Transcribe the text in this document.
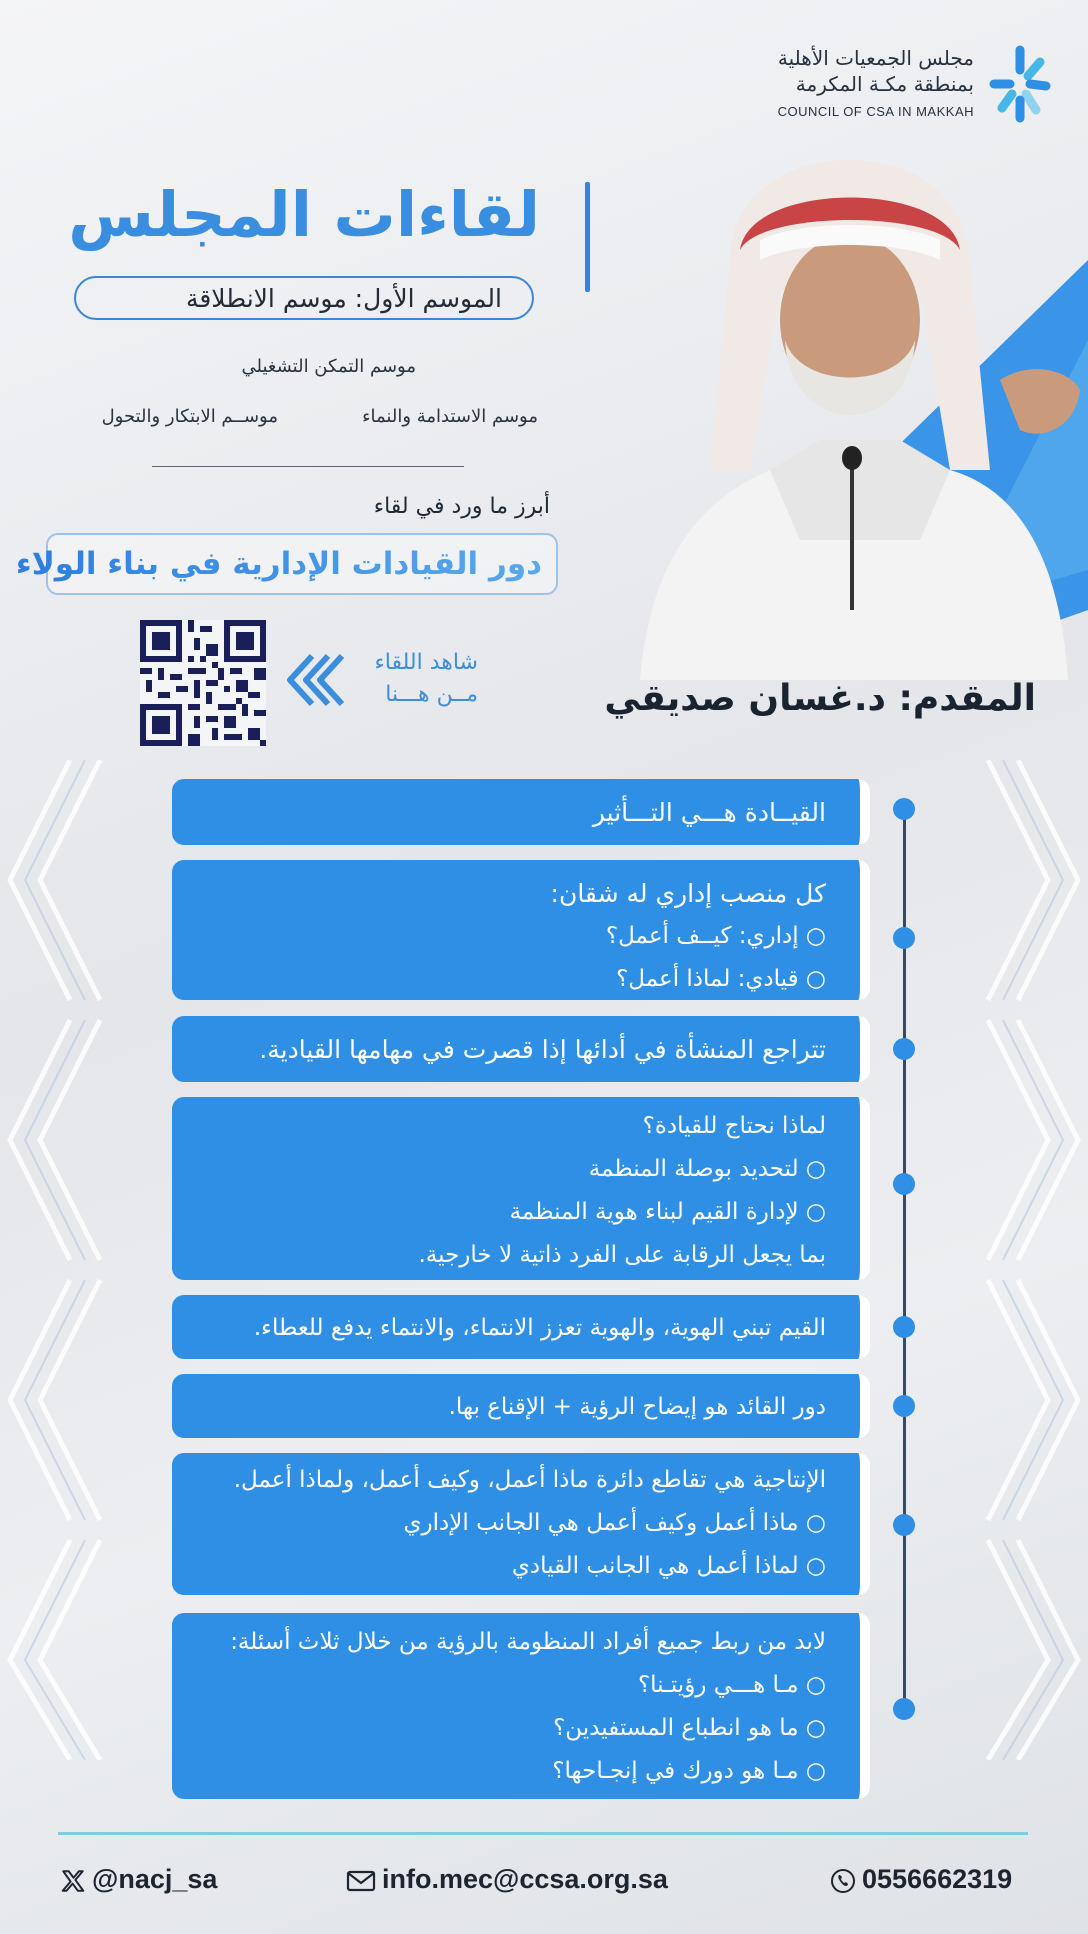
مجلس الجمعيات الأهلية
بمنطقة مكـة المكرمة
COUNCIL OF CSA IN MAKKAH
لقاءات المجلس
الموسم الأول: موسم الانطلاقة
موسم التمكن التشغيلي
موسم الاستدامة والنماء
موســم الابتكار والتحول
أبرز ما ورد في لقاء
دور القيادات الإدارية في بناء الولاء
شاهد اللقاء
مــن هـــنا	المقدم: د.غسان صديقي
القيــادة هـــي التـــأثير
كل منصب إداري له شقان:
○ إداري: كيــف أعمل؟
○ قيادي: لماذا أعمل؟
تتراجع المنشأة في أدائها إذا قصرت في مهامها القيادية.
لماذا نحتاج للقيادة؟
○ لتحديد بوصلة المنظمة
○ لإدارة القيم لبناء هوية المنظمة
بما يجعل الرقابة على الفرد ذاتية لا خارجية.
القيم تبني الهوية، والهوية تعزز الانتماء، والانتماء يدفع للعطاء.
دور القائد هو إيضاح الرؤية + الإقناع بها.
الإنتاجية هي تقاطع دائرة ماذا أعمل، وكيف أعمل، ولماذا أعمل.
○ ماذا أعمل وكيف أعمل هي الجانب الإداري
○ لماذا أعمل هي الجانب القيادي
لابد من ربط جميع أفراد المنظومة بالرؤية من خلال ثلاث أسئلة:
○ مـا هـــي رؤيتـنا؟
○ ما هو انطباع المستفيدين؟
○ مـا هو دورك في إنجـاحها؟
@nacj_sa	info.mec@ccsa.org.sa	0556662319
